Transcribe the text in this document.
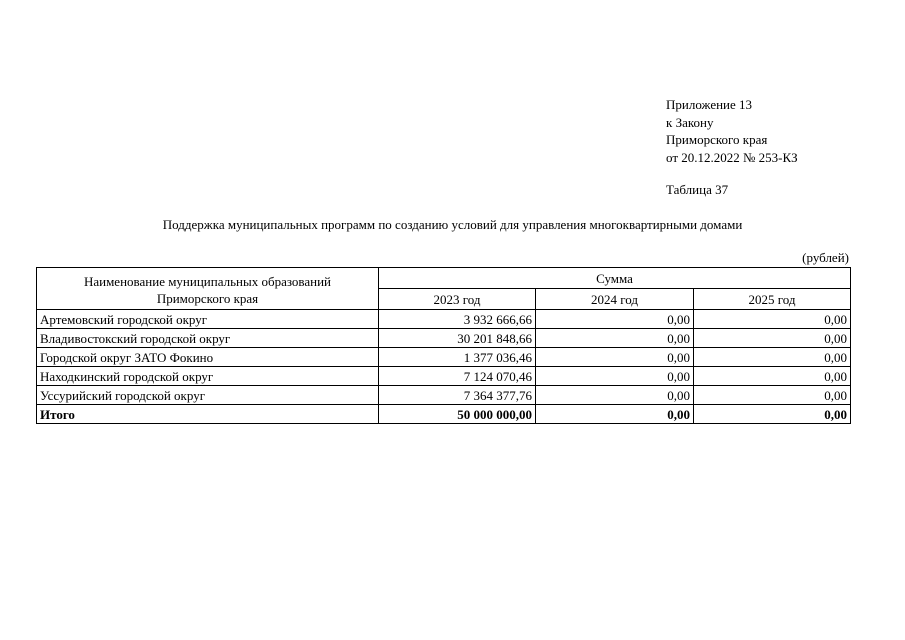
Приложение 13
к Закону
Приморского края
от 20.12.2022 № 253-КЗ
Таблица 37
Поддержка муниципальных программ по созданию условий для управления многоквартирными домами
(рублей)
Наименование муниципальных образований
Приморского края	Сумма		
	2023 год	2024 год	2025 год
Артемовский городской округ	3 932 666,66	0,00	0,00
Владивостокский городской округ	30 201 848,66	0,00	0,00
Городской округ ЗАТО Фокино	1 377 036,46	0,00	0,00
Находкинский городской округ	7 124 070,46	0,00	0,00
Уссурийский городской округ	7 364 377,76	0,00	0,00
Итого	50 000 000,00	0,00	0,00
